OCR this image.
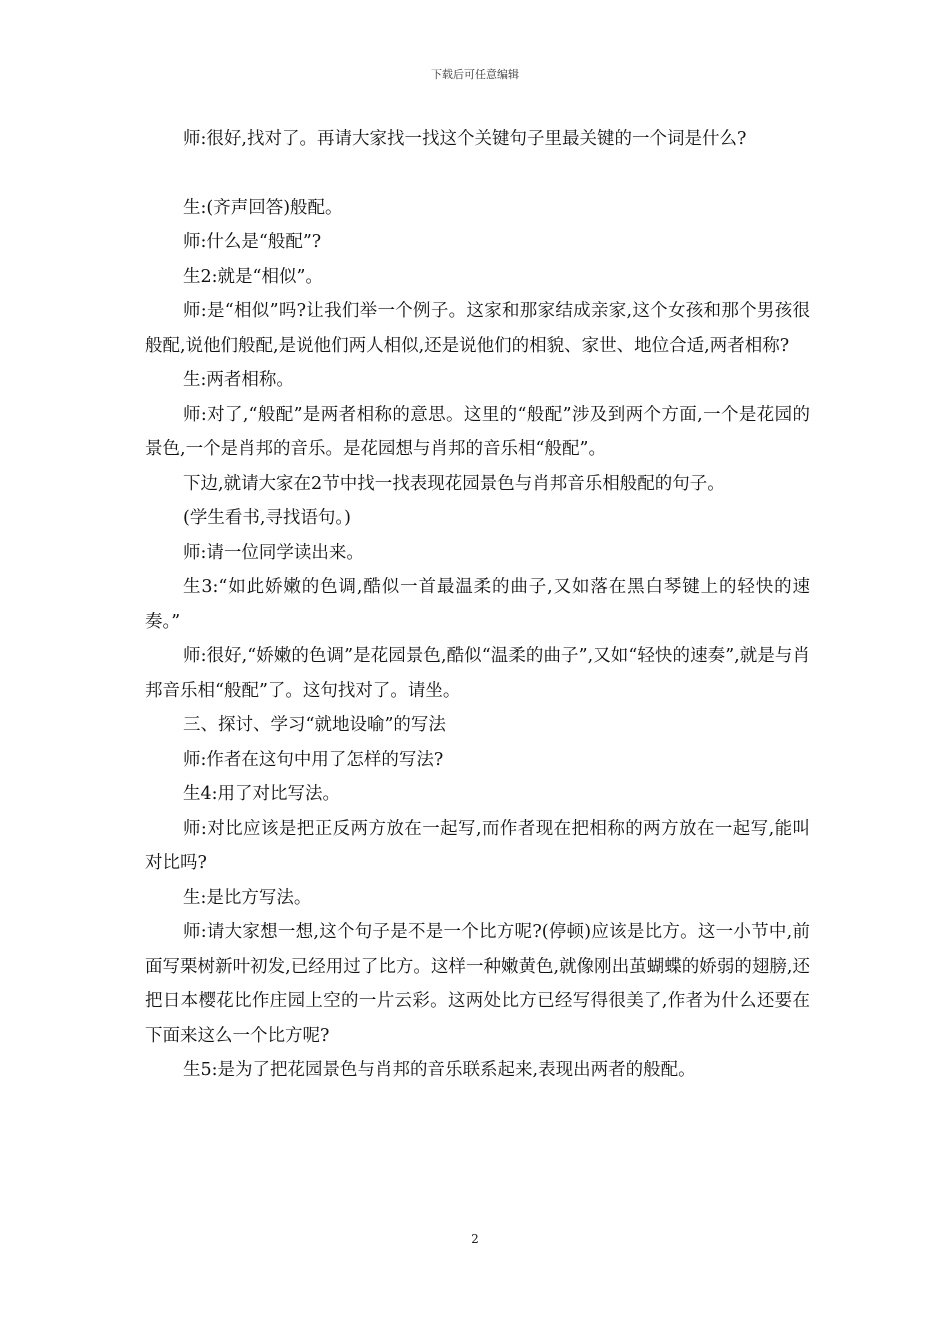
下载后可任意编辑

师:很好,找对了。再请大家找一找这个关键句子里最关键的一个词是什么?

生:(齐声回答)般配。

师:什么是“般配”?

生2:就是“相似”。

师:是“相似”吗?让我们举一个例子。这家和那家结成亲家,这个女孩和那个男孩很般配,说他们般配,是说他们两人相似,还是说他们的相貌、家世、地位合适,两者相称?

生:两者相称。

师:对了,“般配”是两者相称的意思。这里的“般配”涉及到两个方面,一个是花园的景色,一个是肖邦的音乐。是花园想与肖邦的音乐相“般配”。

下边,就请大家在2节中找一找表现花园景色与肖邦音乐相般配的句子。

(学生看书,寻找语句。)

师:请一位同学读出来。

生3:“如此娇嫩的色调,酷似一首最温柔的曲子,又如落在黑白琴键上的轻快的速奏。”

师:很好,“娇嫩的色调”是花园景色,酷似“温柔的曲子”,又如“轻快的速奏”,就是与肖邦音乐相“般配”了。这句找对了。请坐。

三、探讨、学习“就地设喻”的写法

师:作者在这句中用了怎样的写法?

生4:用了对比写法。

师:对比应该是把正反两方放在一起写,而作者现在把相称的两方放在一起写,能叫对比吗?

生:是比方写法。

师:请大家想一想,这个句子是不是一个比方呢?(停顿)应该是比方。这一小节中,前面写栗树新叶初发,已经用过了比方。这样一种嫩黄色,就像刚出茧蝴蝶的娇弱的翅膀,还把日本樱花比作庄园上空的一片云彩。这两处比方已经写得很美了,作者为什么还要在下面来这么一个比方呢?

生5:是为了把花园景色与肖邦的音乐联系起来,表现出两者的般配。

2
